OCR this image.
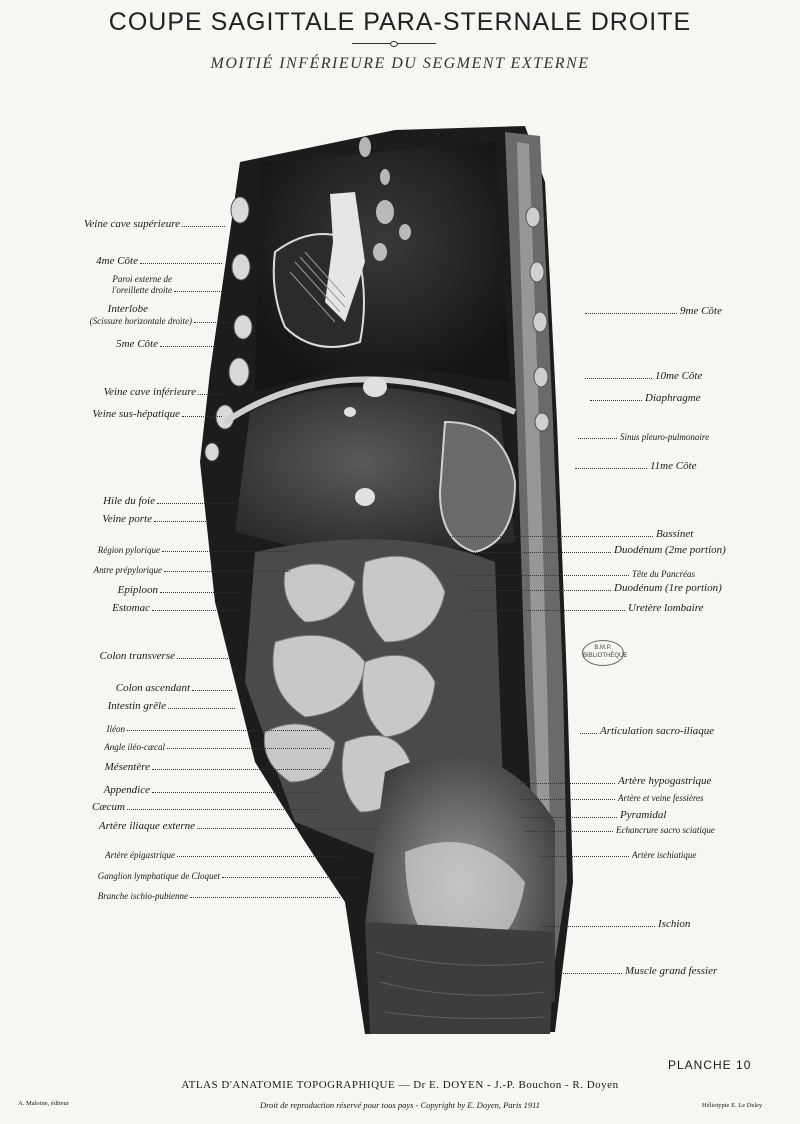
COUPE SAGITTALE PARA-STERNALE DROITE
MOITIÉ INFÉRIEURE DU SEGMENT EXTERNE
B.M.P.
BIBLIOTHÈQUE
Veine cave supérieure
4me Côte
Paroi externe de
l'oreillette droite
Interlobe
(Scissure horizontale droite)
5me Côte
Veine cave inférieure
Veine sus-hépatique
Hile du foie
Veine porte
Région pylorique
Antre prépylorique
Epiploon
Estomac
Colon transverse
Colon ascendant
Intestin grêle
Iléon
Angle iléo-cæcal
Mésentère
Appendice
Cæcum
Artère iliaque externe
Artère épigastrique
Ganglion lymphatique de Cloquet
Branche ischio-pubienne
9me Côte
10me Côte
Diaphragme
Sinus pleuro-pulmonaire
11me Côte
Bassinet
Duodénum (2me portion)
Tête du Pancréas
Duodénum (1re portion)
Uretère lombaire
Articulation sacro-iliaque
Artère hypogastrique
Artère et veine fessières
Pyramidal
Echancrure sacro sciatique
Artère ischiatique
Ischion
Muscle grand fessier
PLANCHE 10
ATLAS D'ANATOMIE TOPOGRAPHIQUE — Dr E. DOYEN - J.-P. Bouchon - R. Doyen
Droit de reproduction réservé pour tous pays - Copyright by E. Doyen, Paris 1911
A. Maloine, éditeur	Héliotypie E. Le Deley
